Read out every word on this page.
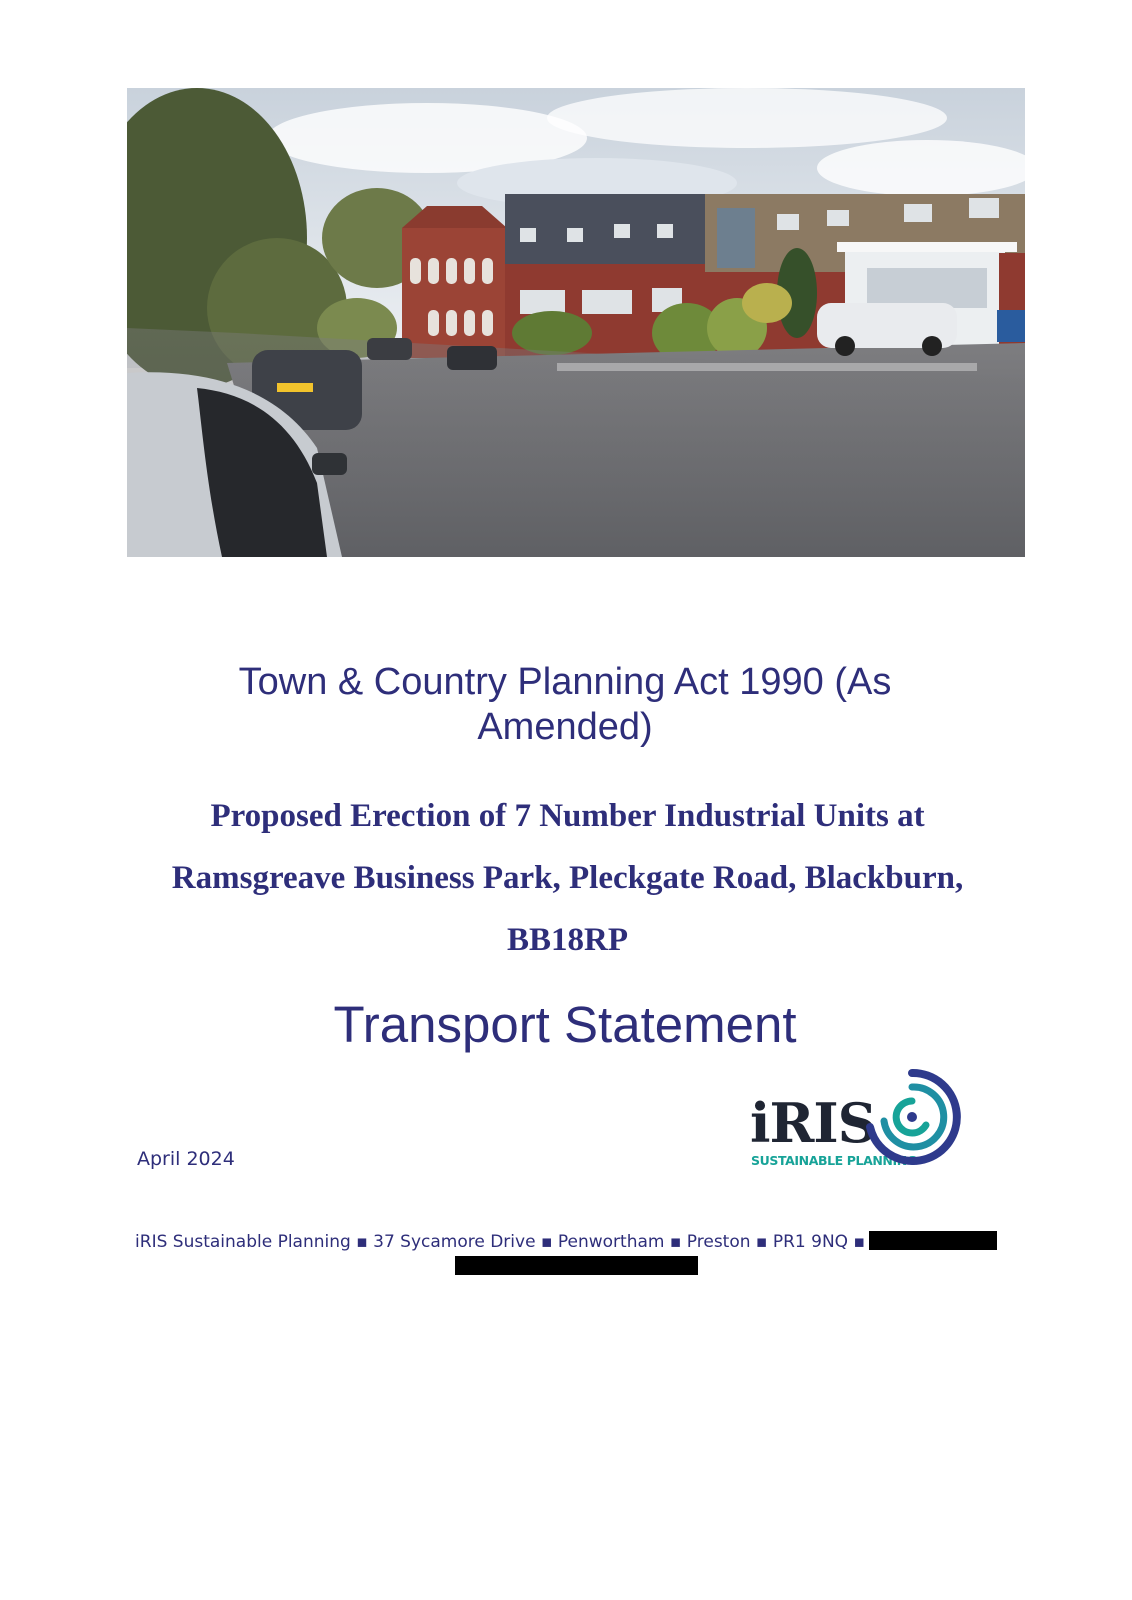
Town & Country Planning Act 1990 (As Amended)
Proposed Erection of 7 Number Industrial Units at
Ramsgreave Business Park, Pleckgate Road, Blackburn,
BB18RP
Transport Statement
April 2024
iRIS
SUSTAINABLE PLANNING
iRIS Sustainable Planning ▪ 37 Sycamore Drive ▪ Penwortham ▪ Preston ▪ PR1 9NQ ▪
